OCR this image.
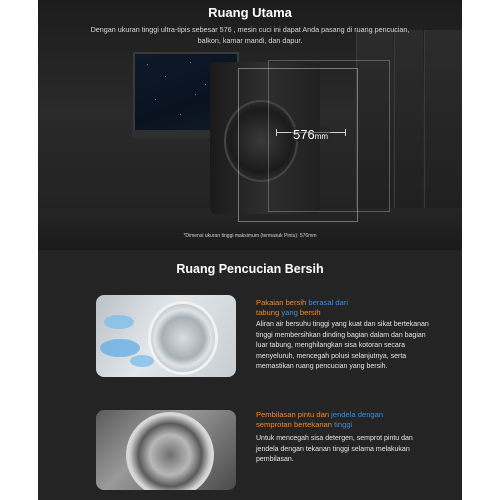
576mm
Ruang Utama
Dengan ukuran tinggi ultra-tipis sebesar 576 , mesin cuci ini dapat Anda pasang di ruang pencucian, balkon, kamar mandi, dan dapur.
*Dimensi ukuran tinggi maksimum (termasuk Pintu): 576mm
Ruang Pencucian Bersih
Pakaian bersih berasal dari
tabung yang bersih
Aliran air bersuhu tinggi yang kuat dan sikat bertekanan tinggi membersihkan dinding bagian dalam dan bagian luar tabung, menghilangkan sisa kotoran secara menyeluruh, mencegah polusi selanjutnya, serta memastikan ruang pencucian yang bersih.
Pembilasan pintu dan jendela dengan
semprotan bertekanan tinggi
Untuk mencegah sisa detergen, semprot pintu dan jendela dengan tekanan tinggi selama melakukan pembilasan.
